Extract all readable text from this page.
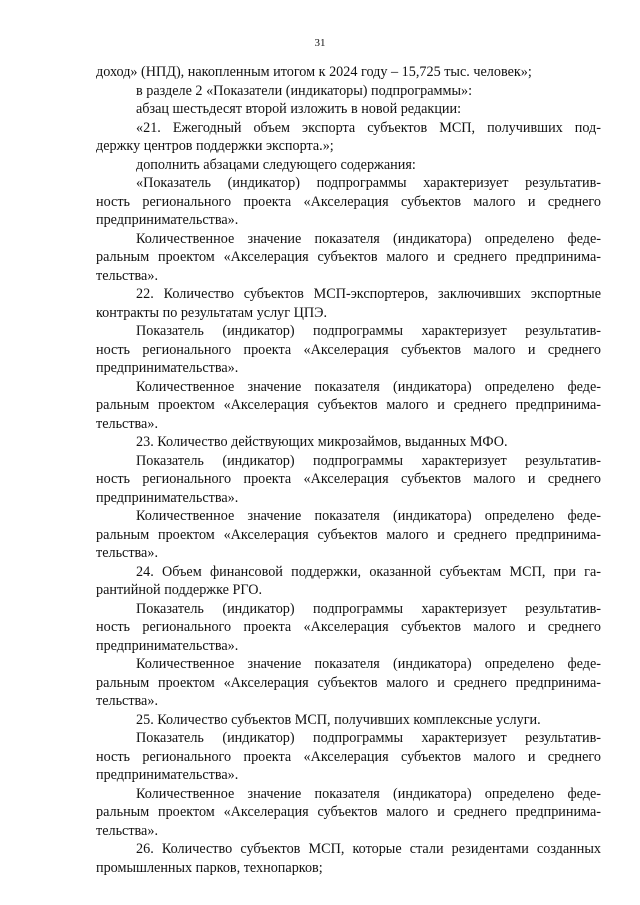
31
доход» (НПД), накопленным итогом к 2024 году – 15,725 тыс. человек»;
в разделе 2 «Показатели (индикаторы) подпрограммы»:
абзац шестьдесят второй изложить в новой редакции:
«21. Ежегодный объем экспорта субъектов МСП, получивших под-
держку центров поддержки экспорта.»;
дополнить абзацами следующего содержания:
«Показатель (индикатор) подпрограммы характеризует результатив-
ность регионального проекта «Акселерация субъектов малого и среднего
предпринимательства».
Количественное значение показателя (индикатора) определено феде-
ральным проектом «Акселерация субъектов малого и среднего предпринима-
тельства».
22. Количество субъектов МСП-экспортеров, заключивших экспортные
контракты по результатам услуг ЦПЭ.
Показатель (индикатор) подпрограммы характеризует результатив-
ность регионального проекта «Акселерация субъектов малого и среднего
предпринимательства».
Количественное значение показателя (индикатора) определено феде-
ральным проектом «Акселерация субъектов малого и среднего предпринима-
тельства».
23. Количество действующих микрозаймов, выданных МФО.
Показатель (индикатор) подпрограммы характеризует результатив-
ность регионального проекта «Акселерация субъектов малого и среднего
предпринимательства».
Количественное значение показателя (индикатора) определено феде-
ральным проектом «Акселерация субъектов малого и среднего предпринима-
тельства».
24. Объем финансовой поддержки, оказанной субъектам МСП, при га-
рантийной поддержке РГО.
Показатель (индикатор) подпрограммы характеризует результатив-
ность регионального проекта «Акселерация субъектов малого и среднего
предпринимательства».
Количественное значение показателя (индикатора) определено феде-
ральным проектом «Акселерация субъектов малого и среднего предпринима-
тельства».
25. Количество субъектов МСП, получивших комплексные услуги.
Показатель (индикатор) подпрограммы характеризует результатив-
ность регионального проекта «Акселерация субъектов малого и среднего
предпринимательства».
Количественное значение показателя (индикатора) определено феде-
ральным проектом «Акселерация субъектов малого и среднего предпринима-
тельства».
26. Количество субъектов МСП, которые стали резидентами созданных
промышленных парков, технопарков;
